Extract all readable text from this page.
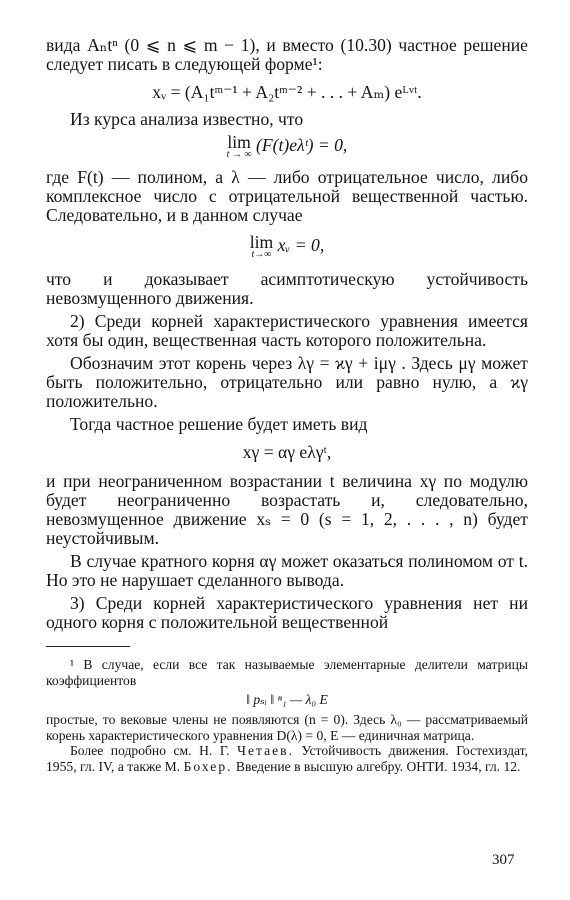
вида Aₙtⁿ (0 ⩽ n ⩽ m − 1), и вместо (10.30) частное решение следует писать в следующей форме¹:

xᵥ = (A₁tᵐ⁻¹ + A₂tᵐ⁻² + . . . + Aₘ) eᴸᵛᵗ.

Из курса анализа известно, что

lim
t → ∞ (F(t)eλᵗ) = 0,

где F(t) — полином, а λ — либо отрицательное число, либо комплексное число с отрицательной вещественной частью. Следовательно, и в данном случае

lim
t→∞ xᵥ = 0,

что и доказывает асимптотическую устойчивость невозмущенного движения.

2) Среди корней характеристического уравнения имеется хотя бы один, вещественная часть которого положительна.

Обозначим этот корень через λγ = ϰγ + iμγ . Здесь μγ может быть положительно, отрицательно или равно нулю, а ϰγ положительно.

Тогда частное решение будет иметь вид

xγ = αγ eλγᵗ,

и при неограниченном возрастании t величина xγ по модулю будет неограниченно возрастать и, следовательно, невозмущенное движение xₛ = 0 (s = 1, 2, . . . , n) будет неустойчивым.

В случае кратного корня αγ может оказаться полиномом от t. Но это не нарушает сделанного вывода.

3) Среди корней характеристического уравнения нет ни одного корня с положительной вещественной

¹ В случае, если все так называемые элементарные делители матрицы коэффициентов

‖ pₛᵢ ‖ ⁿ₁ — λ₀ E

простые, то вековые члены не появляются (n = 0). Здесь λ₀ — рассматриваемый корень характеристического уравнения D(λ) = 0, E — единичная матрица.

Более подробно см. Н. Г. Четаев. Устойчивость движения. Гостехиздат, 1955, гл. IV, а также М. Бохер. Введение в высшую алгебру. ОНТИ. 1934, гл. 12.

307
